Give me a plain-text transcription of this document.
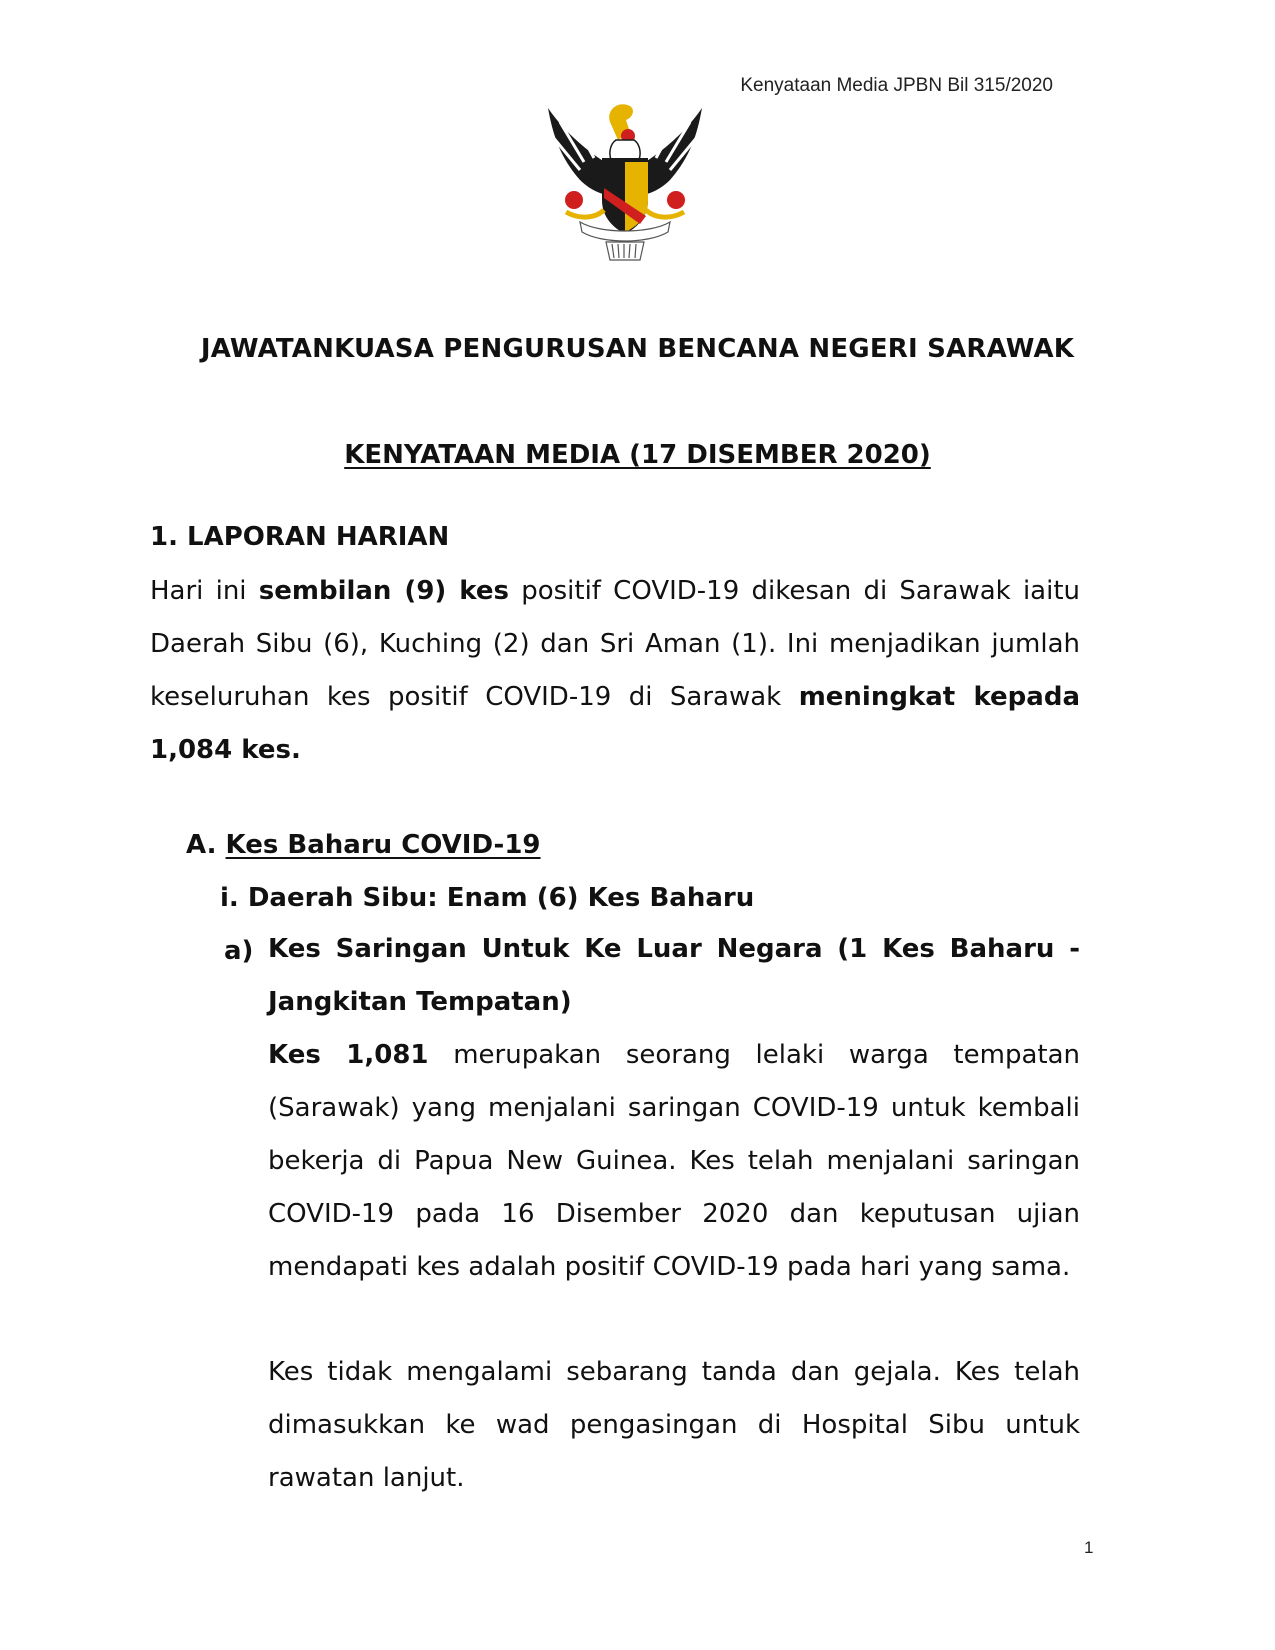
Kenyataan Media JPBN Bil 315/2020
JAWATANKUASA PENGURUSAN BENCANA NEGERI SARAWAK
KENYATAAN MEDIA (17 DISEMBER 2020)
1. LAPORAN HARIAN
Hari ini sembilan (9) kes positif COVID-19 dikesan di Sarawak iaitu Daerah Sibu (6), Kuching (2) dan Sri Aman (1). Ini menjadikan jumlah keseluruhan kes positif COVID-19 di Sarawak meningkat kepada 1,084 kes.
A. Kes Baharu COVID-19
i. Daerah Sibu: Enam (6) Kes Baharu
a) Kes Saringan Untuk Ke Luar Negara (1 Kes Baharu - Jangkitan Tempatan)
Kes 1,081 merupakan seorang lelaki warga tempatan (Sarawak) yang menjalani saringan COVID-19 untuk kembali bekerja di Papua New Guinea. Kes telah menjalani saringan COVID-19 pada 16 Disember 2020 dan keputusan ujian mendapati kes adalah positif COVID-19 pada hari yang sama.
Kes tidak mengalami sebarang tanda dan gejala. Kes telah dimasukkan ke wad pengasingan di Hospital Sibu untuk rawatan lanjut.
1
